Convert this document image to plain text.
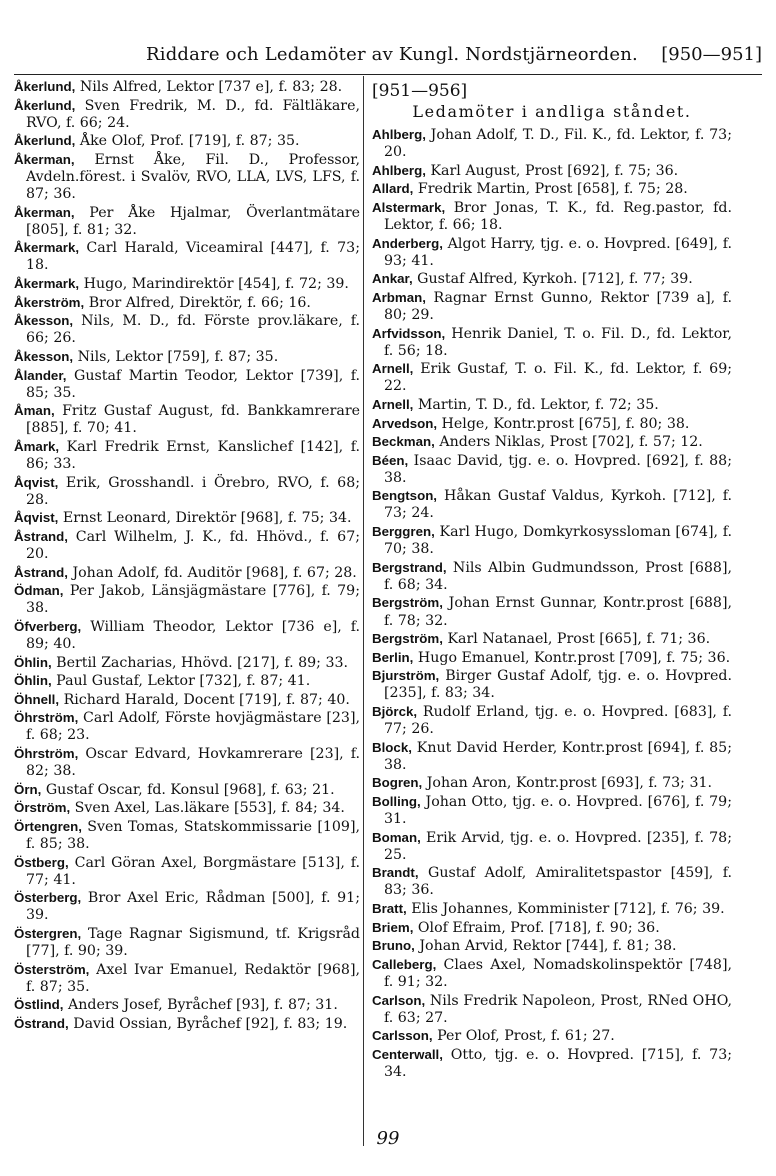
Riddare och Ledamöter av Kungl. Nordstjärneorden. [950—951]
Åkerlund, Nils Alfred, Lektor [737 e], f. 83; 28.
Åkerlund, Sven Fredrik, M. D., fd. Fältläkare, RVO, f. 66; 24.
Åkerlund, Åke Olof, Prof. [719], f. 87; 35.
Åkerman, Ernst Åke, Fil. D., Professor, Avdeln.förest. i Svalöv, RVO, LLA, LVS, LFS, f. 87; 36.
Åkerman, Per Åke Hjalmar, Överlantmätare [805], f. 81; 32.
Åkermark, Carl Harald, Viceamiral [447], f. 73; 18.
Åkermark, Hugo, Marindirektör [454], f. 72; 39.
Åkerström, Bror Alfred, Direktör, f. 66; 16.
Åkesson, Nils, M. D., fd. Förste prov.läkare, f. 66; 26.
Åkesson, Nils, Lektor [759], f. 87; 35.
Ålander, Gustaf Martin Teodor, Lektor [739], f. 85; 35.
Åman, Fritz Gustaf August, fd. Bankkamrerare [885], f. 70; 41.
Åmark, Karl Fredrik Ernst, Kanslichef [142], f. 86; 33.
Åqvist, Erik, Grosshandl. i Örebro, RVO, f. 68; 28.
Åqvist, Ernst Leonard, Direktör [968], f. 75; 34.
Åstrand, Carl Wilhelm, J. K., fd. Hhövd., f. 67; 20.
Åstrand, Johan Adolf, fd. Auditör [968], f. 67; 28.
Ödman, Per Jakob, Länsjägmästare [776], f. 79; 38.
Öfverberg, William Theodor, Lektor [736 e], f. 89; 40.
Öhlin, Bertil Zacharias, Hhövd. [217], f. 89; 33.
Öhlin, Paul Gustaf, Lektor [732], f. 87; 41.
Öhnell, Richard Harald, Docent [719], f. 87; 40.
Öhrström, Carl Adolf, Förste hovjägmästare [23], f. 68; 23.
Öhrström, Oscar Edvard, Hovkamrerare [23], f. 82; 38.
Örn, Gustaf Oscar, fd. Konsul [968], f. 63; 21.
Örström, Sven Axel, Las.läkare [553], f. 84; 34.
Örtengren, Sven Tomas, Statskommissarie [109], f. 85; 38.
Östberg, Carl Göran Axel, Borgmästare [513], f. 77; 41.
Österberg, Bror Axel Eric, Rådman [500], f. 91; 39.
Östergren, Tage Ragnar Sigismund, tf. Krigsråd [77], f. 90; 39.
Österström, Axel Ivar Emanuel, Redaktör [968], f. 87; 35.
Östlind, Anders Josef, Byråchef [93], f. 87; 31.
Östrand, David Ossian, Byråchef [92], f. 83; 19.
[951—956]
Ledamöter i andliga ståndet.
Ahlberg, Johan Adolf, T. D., Fil. K., fd. Lektor, f. 73; 20.
Ahlberg, Karl August, Prost [692], f. 75; 36.
Allard, Fredrik Martin, Prost [658], f. 75; 28.
Alstermark, Bror Jonas, T. K., fd. Reg.pastor, fd. Lektor, f. 66; 18.
Anderberg, Algot Harry, tjg. e. o. Hovpred. [649], f. 93; 41.
Ankar, Gustaf Alfred, Kyrkoh. [712], f. 77; 39.
Arbman, Ragnar Ernst Gunno, Rektor [739 a], f. 80; 29.
Arfvidsson, Henrik Daniel, T. o. Fil. D., fd. Lektor, f. 56; 18.
Arnell, Erik Gustaf, T. o. Fil. K., fd. Lektor, f. 69; 22.
Arnell, Martin, T. D., fd. Lektor, f. 72; 35.
Arvedson, Helge, Kontr.prost [675], f. 80; 38.
Beckman, Anders Niklas, Prost [702], f. 57; 12.
Béen, Isaac David, tjg. e. o. Hovpred. [692], f. 88; 38.
Bengtson, Håkan Gustaf Valdus, Kyrkoh. [712], f. 73; 24.
Berggren, Karl Hugo, Domkyrkosyssloman [674], f. 70; 38.
Bergstrand, Nils Albin Gudmundsson, Prost [688], f. 68; 34.
Bergström, Johan Ernst Gunnar, Kontr.prost [688], f. 78; 32.
Bergström, Karl Natanael, Prost [665], f. 71; 36.
Berlin, Hugo Emanuel, Kontr.prost [709], f. 75; 36.
Bjurström, Birger Gustaf Adolf, tjg. e. o. Hovpred. [235], f. 83; 34.
Björck, Rudolf Erland, tjg. e. o. Hovpred. [683], f. 77; 26.
Block, Knut David Herder, Kontr.prost [694], f. 85; 38.
Bogren, Johan Aron, Kontr.prost [693], f. 73; 31.
Bolling, Johan Otto, tjg. e. o. Hovpred. [676], f. 79; 31.
Boman, Erik Arvid, tjg. e. o. Hovpred. [235], f. 78; 25.
Brandt, Gustaf Adolf, Amiralitetspastor [459], f. 83; 36.
Bratt, Elis Johannes, Komminister [712], f. 76; 39.
Briem, Olof Efraim, Prof. [718], f. 90; 36.
Bruno, Johan Arvid, Rektor [744], f. 81; 38.
Calleberg, Claes Axel, Nomadskolinspektör [748], f. 91; 32.
Carlson, Nils Fredrik Napoleon, Prost, RNed OHO, f. 63; 27.
Carlsson, Per Olof, Prost, f. 61; 27.
Centerwall, Otto, tjg. e. o. Hovpred. [715], f. 73; 34.
99
